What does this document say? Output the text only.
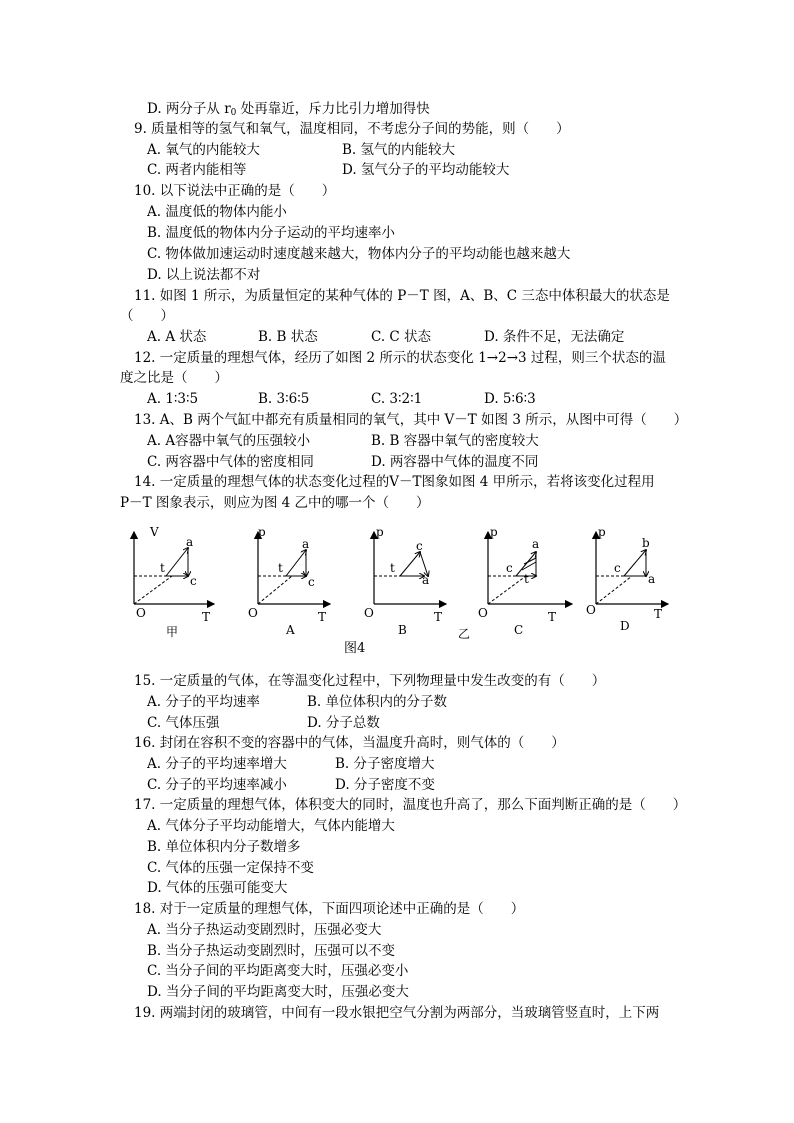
D. 两分子从 $r_0$ 处再靠近，斥力比引力增加得快
9. 质量相等的氢气和氧气，温度相同，不考虑分子间的势能，则（　　）
A. 氧气的内能较大	B. 氢气的内能较大
C. 两者内能相等	D. 氢气分子的平均动能较大
10. 以下说法中正确的是（　　）
A. 温度低的物体内能小
B. 温度低的物体内分子运动的平均速率小
C. 物体做加速运动时速度越来越大，物体内分子的平均动能也越来越大
D. 以上说法都不对
11. 如图 1 所示，为质量恒定的某种气体的 P－T 图，A、B、C 三态中体积最大的状态是
（　　）
A. A 状态	B. B 状态	C. C 状态	D. 条件不足，无法确定
12. 一定质量的理想气体，经历了如图 2 所示的状态变化 1→2→3 过程，则三个状态的温
度之比是（　　）
A. 1∶3∶5	B. 3∶6∶5	C. 3∶2∶1	D. 5∶6∶3
13. A、B 两个气缸中都充有质量相同的氧气，其中 V－T 如图 3 所示，从图中可得（　　）
A. A容器中氧气的压强较小	B. B 容器中氧气的密度较大
C. 两容器中气体的密度相同	D. 两容器中气体的温度不同
14. 一定质量的理想气体的状态变化过程的V－T图象如图 4 甲所示，若将该变化过程用
P－T 图象表示，则应为图 4 乙中的哪一个（　　）
V
T
O
t
a
c
甲
p
T
O
t
a
c
A
p
T
O
t
c
a
B	乙
p
T
O
c
a
t
C
p
T
O
c
b
a
D
图4
15. 一定质量的气体，在等温变化过程中，下列物理量中发生改变的有（　　）
A. 分子的平均速率	B. 单位体积内的分子数
C. 气体压强	D. 分子总数
16. 封闭在容积不变的容器中的气体，当温度升高时，则气体的（　　）
A. 分子的平均速率增大	B. 分子密度增大
C. 分子的平均速率减小	D. 分子密度不变
17. 一定质量的理想气体，体积变大的同时，温度也升高了，那么下面判断正确的是（　　）
A. 气体分子平均动能增大，气体内能增大
B. 单位体积内分子数增多
C. 气体的压强一定保持不变
D. 气体的压强可能变大
18. 对于一定质量的理想气体，下面四项论述中正确的是（　　）
A. 当分子热运动变剧烈时，压强必变大
B. 当分子热运动变剧烈时，压强可以不变
C. 当分子间的平均距离变大时，压强必变小
D. 当分子间的平均距离变大时，压强必变大
19. 两端封闭的玻璃管，中间有一段水银把空气分割为两部分，当玻璃管竖直时，上下两
